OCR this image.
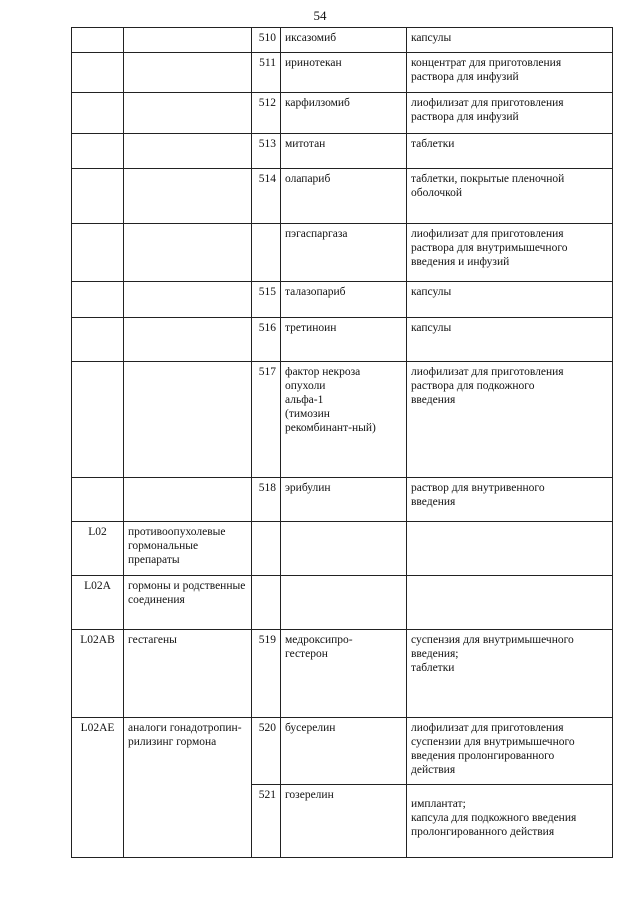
54
		510	иксазомиб	капсулы
		511	иринотекан	концентрат для приготовления
раствора для инфузий
		512	карфилзомиб	лиофилизат для приготовления
раствора для инфузий
		513	митотан	таблетки
		514	олапариб	таблетки, покрытые пленочной
оболочкой
			пэгаспаргаза	лиофилизат для приготовления
раствора для внутримышечного
введения и инфузий
		515	талазопариб	капсулы
		516	третиноин	капсулы
		517	фактор некроза
опухоли
альфа-1
(тимозин
рекомбинант-ный)	лиофилизат для приготовления
раствора для подкожного
введения
		518	эрибулин	раствор для внутривенного
введения
L02	противоопухолевые гормональные препараты			
L02A	гормоны и родственные соединения			
L02AB	гестагены	519	медроксипро-
гестерон	суспензия для внутримышечного
введения;
таблетки
L02AE	аналоги гонадотропин-рилизинг гормона	520	бусерелин	лиофилизат для приготовления
суспензии для внутримышечного
введения пролонгированного
действия
		521	гозерелин	имплантат;
капсула для подкожного введения
пролонгированного действия
